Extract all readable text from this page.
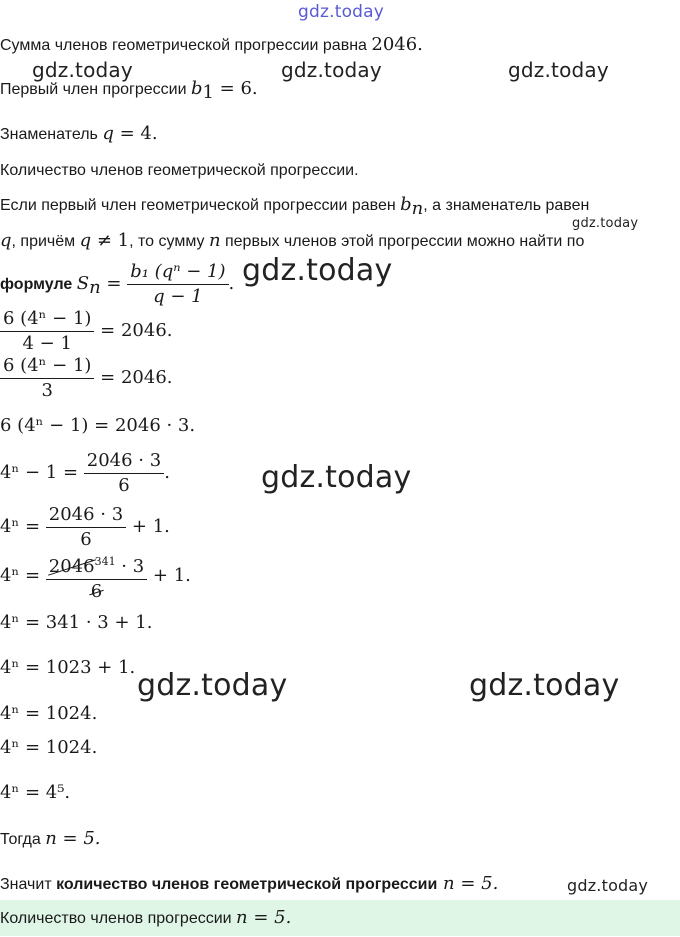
gdz.today
gdz.today	gdz.today	gdz.today
gdz.today
gdz.today
gdz.today
gdz.today	gdz.today
gdz.today
Сумма членов геометрической прогрессии равна 2046.
Первый член прогрессии $b_1 = 6$.
Знаменатель q = 4.
Количество членов геометрической прогрессии.
Если первый член геометрической прогрессии равен $b_n$, а знаменатель равен
q, причём q ≠ 1, то сумму n первых членов этой прогрессии можно найти по
формуле $S_n = \frac{\text{b₁ (qⁿ − 1)}}{q - 1}$ .
$\frac{\text{6 (4ⁿ − 1)}}{4 - 1} = 2046$.
$\frac{\text{6 (4ⁿ − 1)}}{3} = 2046$.
6 (4ⁿ − 1) = 2046 · 3.
$4^n - 1 = \frac{2046 \cdot 3}{6}$ .
$4^n = \frac{2046 \cdot 3}{6} + 1$.
$4^n = \frac{2046^{341} \cdot 3}{6} + 1$.
4ⁿ = 341 · 3 + 1.
4ⁿ = 1023 + 1.
4ⁿ = 1024.
4ⁿ = 1024.
4ⁿ = 4⁵.
Тогда n = 5.
Значит количество членов геометрической прогрессии n = 5.
Количество членов прогрессии n = 5.
